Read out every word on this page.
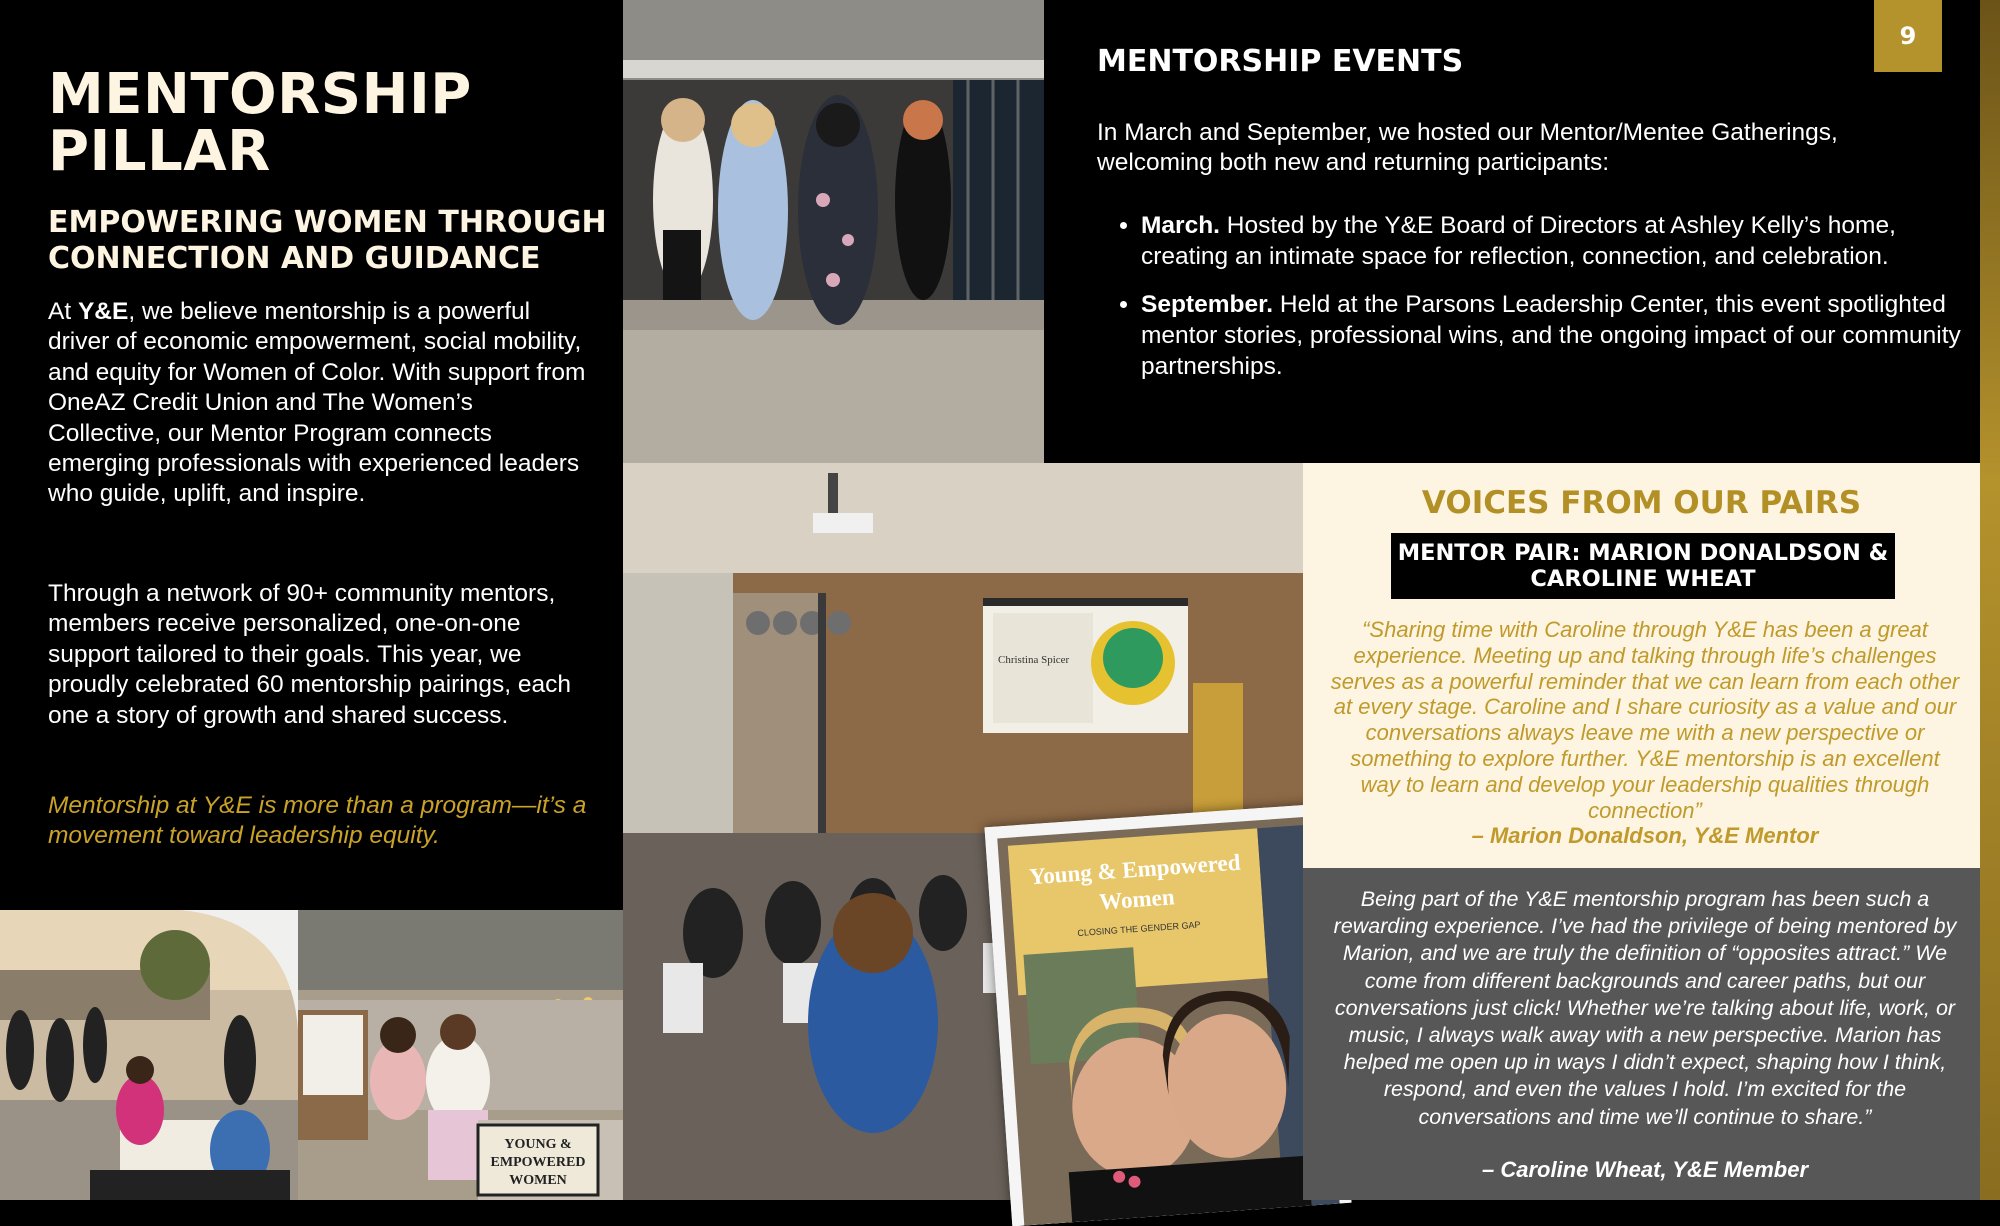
MENTORSHIP PILLAR
EMPOWERING WOMEN THROUGH CONNECTION AND GUIDANCE

At Y&E, we believe mentorship is a powerful driver of economic empowerment, social mobility, and equity for Women of Color. With support from OneAZ Credit Union and The Women’s Collective, our Mentor Program connects emerging professionals with experienced leaders who guide, uplift, and inspire.

Through a network of 90+ community mentors, members receive personalized, one-on-one support tailored to their goals. This year, we proudly celebrated 60 mentorship pairings, each one a story of growth and shared success.

Mentorship at Y&E is more than a program—it’s a movement toward leadership equity.

MENTORSHIP EVENTS

In March and September, we hosted our Mentor/Mentee Gatherings, welcoming both new and returning participants:

• March. Hosted by the Y&E Board of Directors at Ashley Kelly’s home, creating an intimate space for reflection, connection, and celebration.
• September. Held at the Parsons Leadership Center, this event spotlighted mentor stories, professional wins, and the ongoing impact of our community partnerships.
9
Christina Spicer
Young & Empowered
Women
CLOSING THE GENDER GAP
YOUNG &
EMPOWERED
WOMEN
VOICES FROM OUR PAIRS
MENTOR PAIR: MARION DONALDSON & CAROLINE WHEAT

“Sharing time with Caroline through Y&E has been a great experience. Meeting up and talking through life’s challenges serves as a powerful reminder that we can learn from each other at every stage. Caroline and I share curiosity as a value and our conversations always leave me with a new perspective or something to explore further. Y&E mentorship is an excellent way to learn and develop your leadership qualities through connection”

– Marion Donaldson, Y&E Mentor

Being part of the Y&E mentorship program has been such a rewarding experience. I’ve had the privilege of being mentored by Marion, and we are truly the definition of “opposites attract.” We come from different backgrounds and career paths, but our conversations just click! Whether we’re talking about life, work, or music, I always walk away with a new perspective. Marion has helped me open up in ways I didn’t expect, shaping how I think, respond, and even the values I hold. I’m excited for the conversations and time we’ll continue to share.”

– Caroline Wheat, Y&E Member
